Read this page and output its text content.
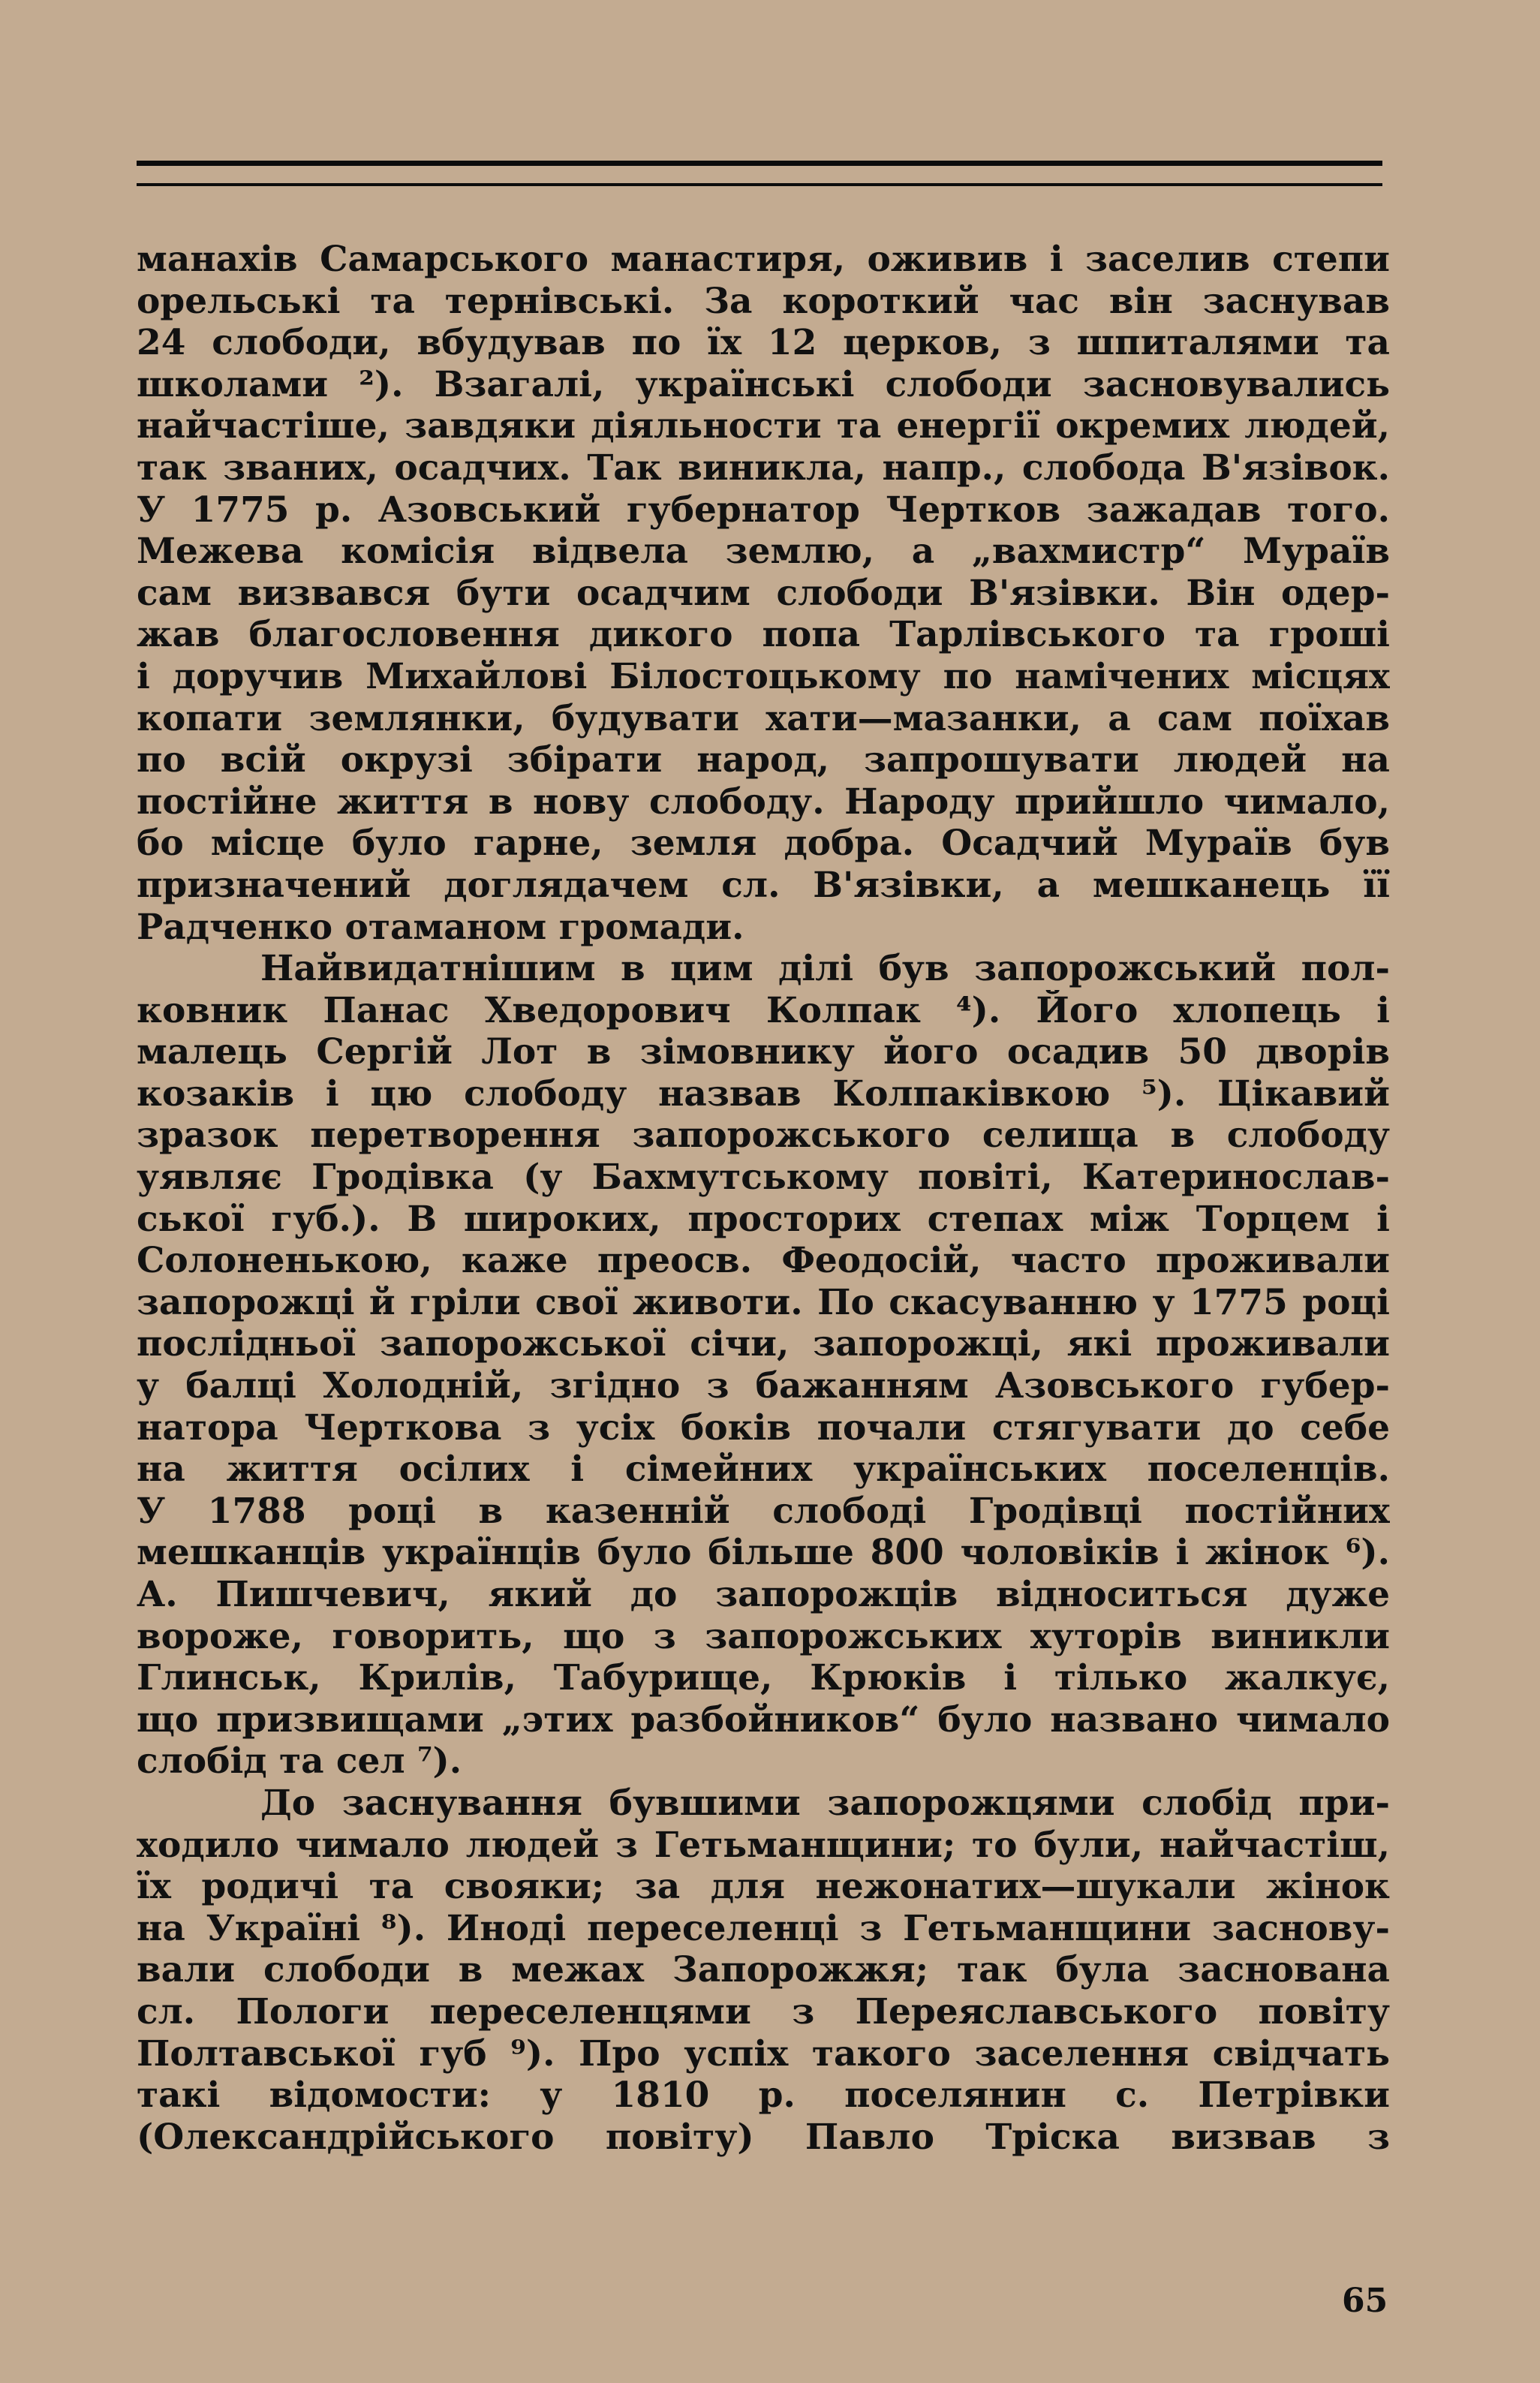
манахів Самарського манастиря, оживив і заселив степи
орельські та тернівські. За короткий час він заснував
24 слободи, вбудував по їх 12 церков, з шпиталями та
школами ²). Взагалі, українські слободи засновувались
найчастіше, завдяки діяльности та енергії окремих людей,
так званих, осадчих. Так виникла, напр., слобода В'язівок.
У 1775 р. Азовський губернатор Чертков зажадав того.
Межева комісія відвела землю, а „вахмистр“ Мураїв
сам визвався бути осадчим слободи В'язівки. Він одер-
жав благословення дикого попа Тарлівського та гроші
і доручив Михайлові Білостоцькому по намічених місцях
копати землянки, будувати хати—мазанки, а сам поїхав
по всій окрузі збірати народ, запрошувати людей на
постійне життя в нову слободу. Народу прийшло чимало,
бо місце було гарне, земля добра. Осадчий Мураїв був
призначений доглядачем сл. В'язівки, а мешканець її
Радченко отаманом громади.
Найвидатнішим в цим ділі був запорожський пол-
ковник Панас Хведорович Колпак ⁴). Його хлопець і
малець Сергій Лот в зімовнику його осадив 50 дворів
козаків і цю слободу назвав Колпаківкою ⁵). Цікавий
зразок перетворення запорожського селища в слободу
уявляє Гродівка (у Бахмутському повіті, Катеринослав-
ської губ.). В широких, просторих степах між Торцем і
Солоненькою, каже преосв. Феодосій, часто проживали
запорожці й гріли свої животи. По скасуванню у 1775 році
послідньої запорожської січи, запорожці, які проживали
у балці Холодній, згідно з бажанням Азовського губер-
натора Черткова з усіх боків почали стягувати до себе
на життя осілих і сімейних українських поселенців.
У 1788 році в казенній слободі Гродівці постійних
мешканців українців було більше 800 чоловіків і жінок ⁶).
А. Пишчевич, який до запорожців відноситься дуже
вороже, говорить, що з запорожських хуторів виникли
Глинськ, Крилів, Табурище, Крюків і тілько жалкує,
що призвищами „этих разбойников“ було названо чимало
слобід та сел ⁷).
До заснування бувшими запорожцями слобід при-
ходило чимало людей з Гетьманщини; то були, найчастіш,
їх родичі та свояки; за для нежонатих—шукали жінок
на Україні ⁸). Иноді переселенці з Гетьманщини заснову-
вали слободи в межах Запорожжя; так була заснована
сл. Пологи переселенцями з Переяславського повіту
Полтавської губ ⁹). Про успіх такого заселення свідчать
такі відомости: у 1810 р. поселянин с. Петрівки
(Олександрійського повіту) Павло Тріска визвав з
65
